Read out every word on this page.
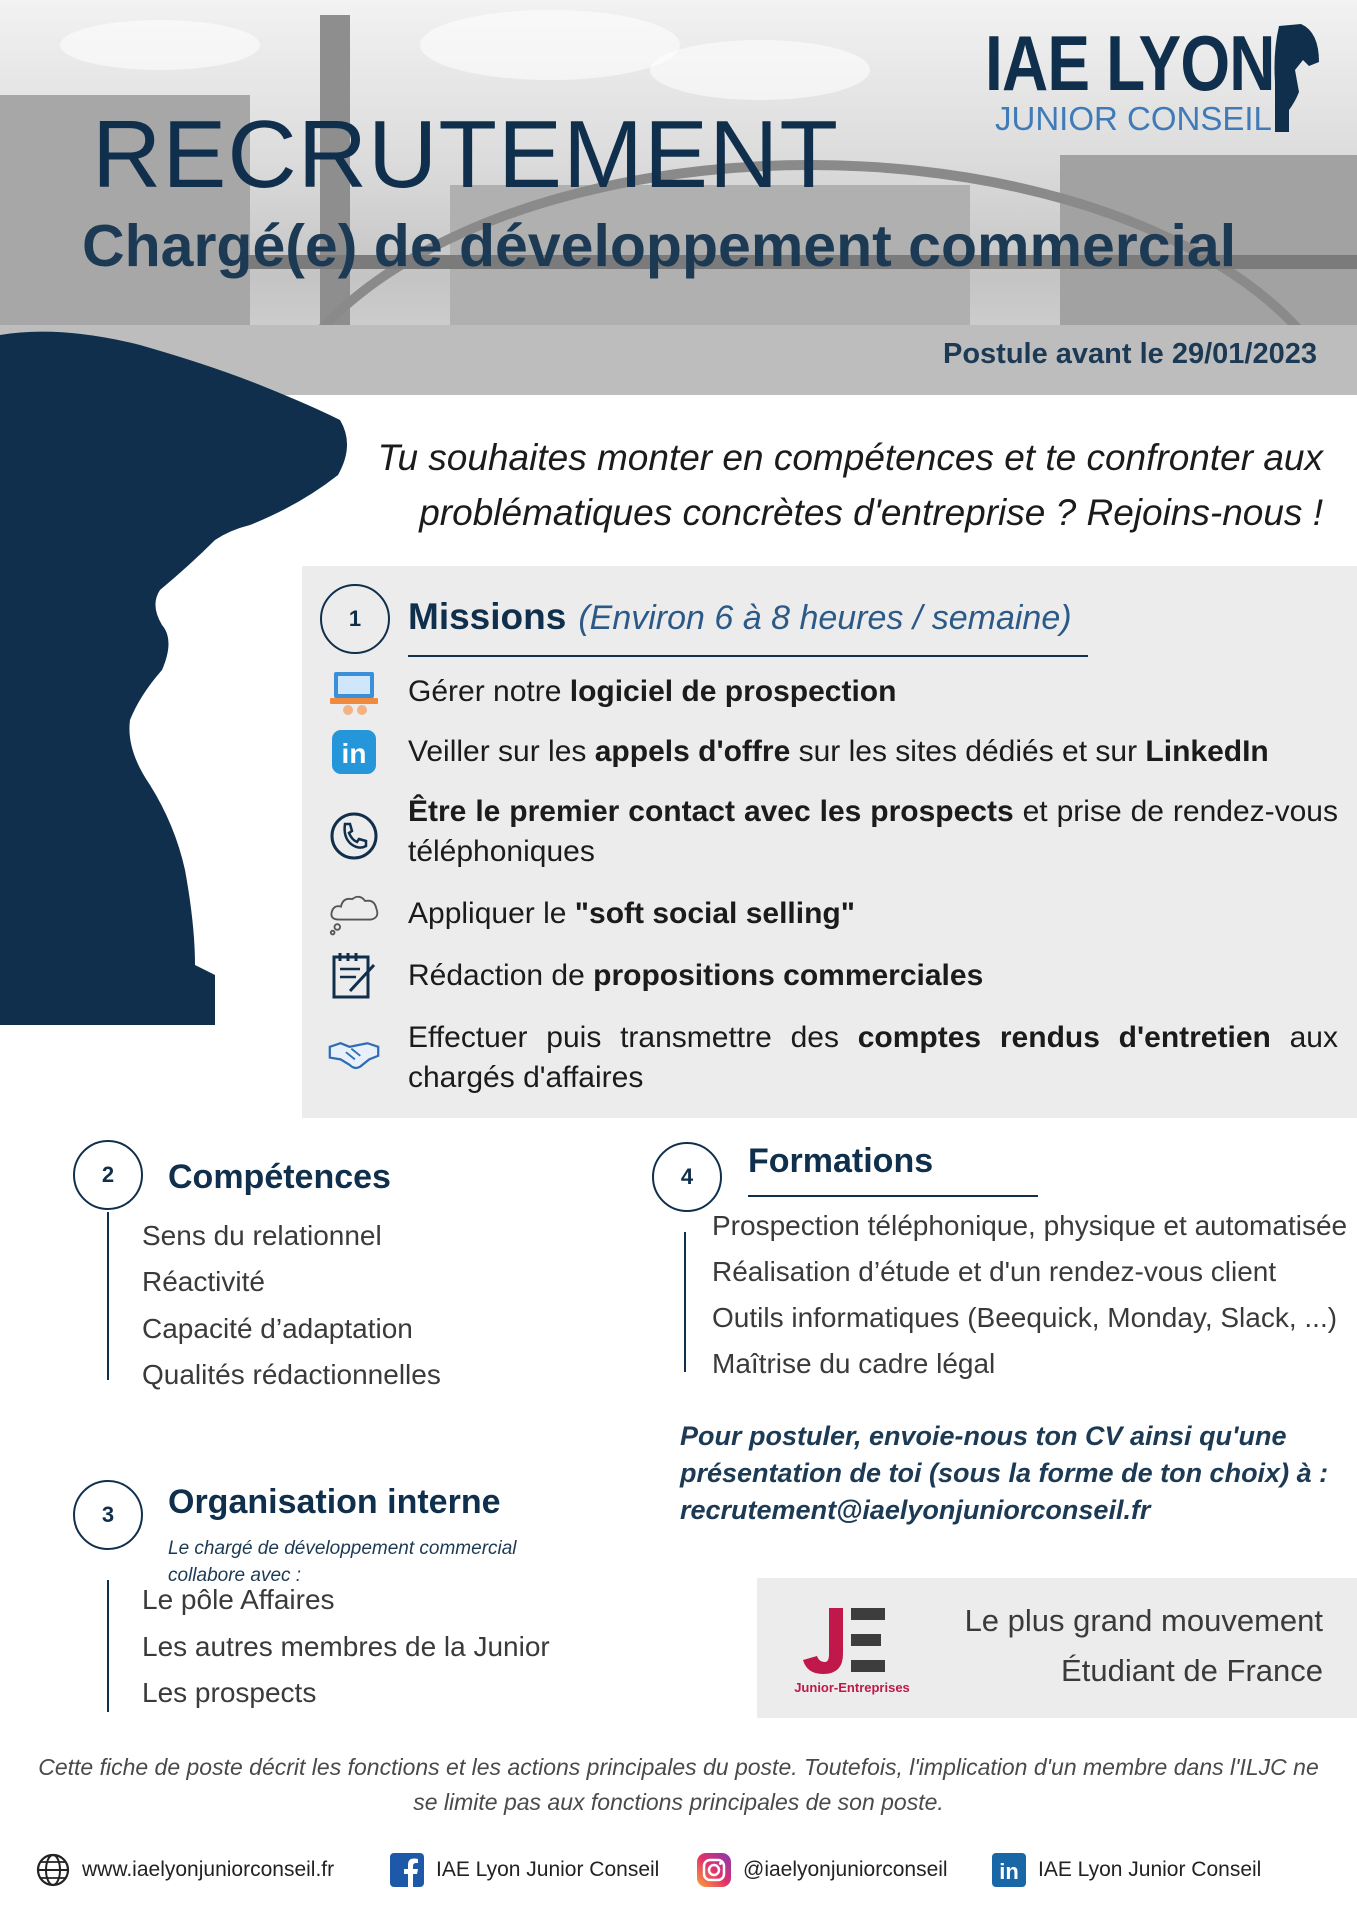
IAE LYON
JUNIOR CONSEIL
RECRUTEMENT
Chargé(e) de développement commercial
Postule avant le 29/01/2023
Tu souhaites monter en compétences et te confronter aux
problématiques concrètes d'entreprise ? Rejoins-nous !
1	Missions (Environ 6 à 8 heures / semaine)
Gérer notre logiciel de prospection
in Veiller sur les appels d'offre sur les sites dédiés et sur LinkedIn
Être le premier contact avec les prospects et prise de rendez-vous téléphoniques
Appliquer le "soft social selling"
Rédaction de propositions commerciales
Effectuer puis transmettre des comptes rendus d'entretien aux chargés d'affaires
2	Compétences
Sens du relationnel
Réactivité
Capacité d’adaptation
Qualités rédactionnelles
3	Organisation interne
Le chargé de développement commercial
collabore avec :
Le pôle Affaires
Les autres membres de la Junior
Les prospects
4	Formations
Prospection téléphonique, physique et automatisée
Réalisation d’étude et d'un rendez-vous client
Outils informatiques (Beequick, Monday, Slack, ...)
Maîtrise du cadre légal
Pour postuler, envoie-nous ton CV ainsi qu'une
présentation de toi (sous la forme de ton choix) à :
recrutement@iaelyonjuniorconseil.fr
Junior-Entreprises
Le plus grand mouvement
Étudiant de France
Cette fiche de poste décrit les fonctions et les actions principales du poste. Toutefois, l'implication d'un membre dans l'ILJC ne
se limite pas aux fonctions principales de son poste.
www.iaelyonjuniorconseil.fr	IAE Lyon Junior Conseil	@iaelyonjuniorconseil in IAE Lyon Junior Conseil
